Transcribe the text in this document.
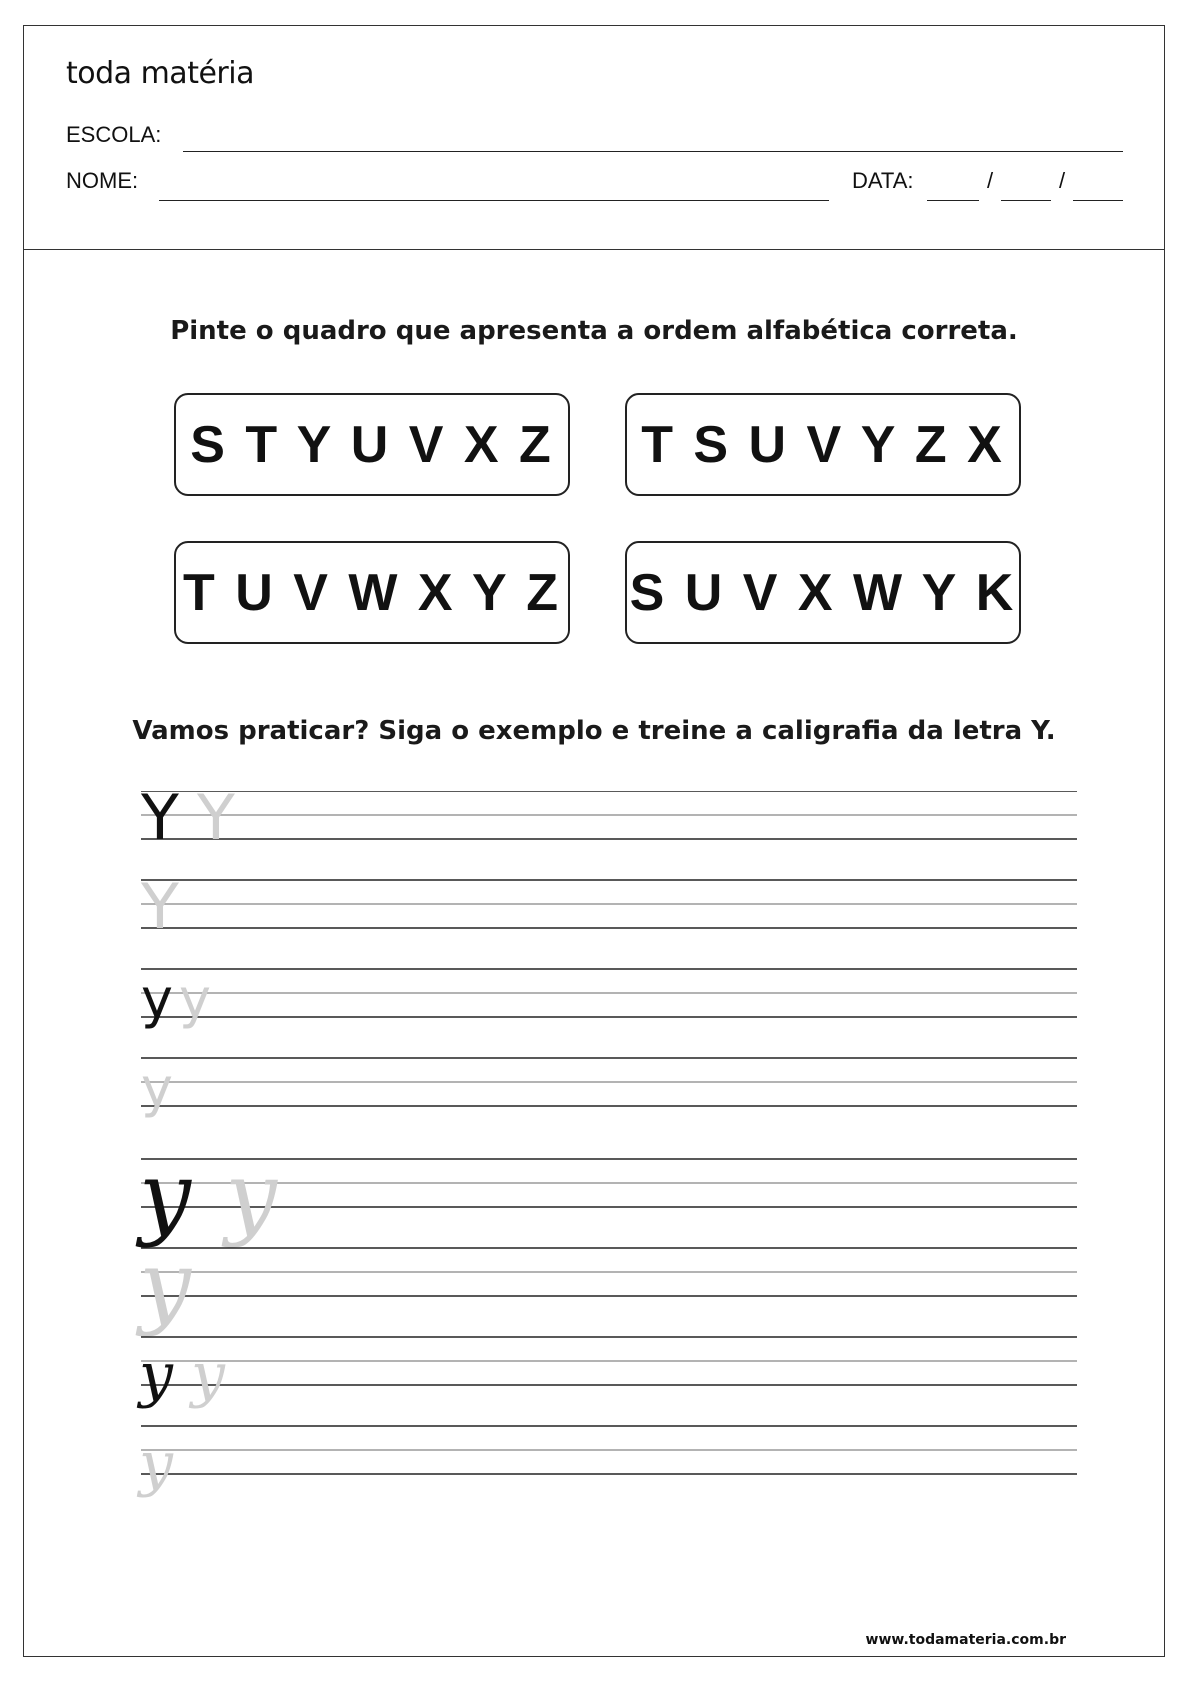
toda matéria
ESCOLA:
NOME:	DATA:	/	/
Pinte o quadro que apresenta a ordem alfabética correta.
S T Y U V X Z T S U V Y Z X
T U V W X Y Z S U V X W Y K
Vamos praticar? Siga o exemplo e treine a caligrafia da letra Y.
Y Y
Y
y y
y
y y
y
y y
y
www.todamateria.com.br
